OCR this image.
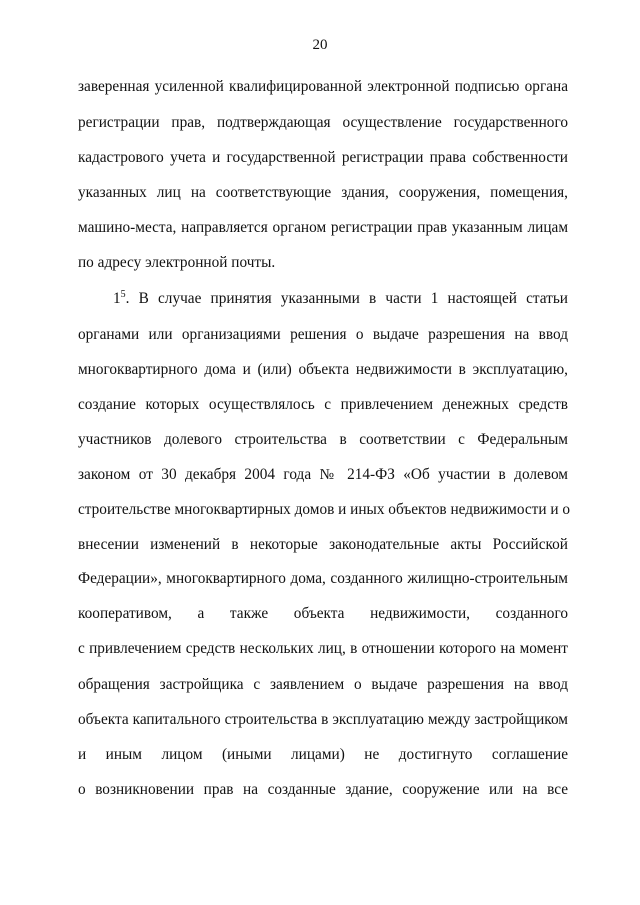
20
заверенная усиленной квалифицированной электронной подписью органа
регистрации прав, подтверждающая осуществление государственного
кадастрового учета и государственной регистрации права собственности
указанных лиц на соответствующие здания, сооружения, помещения,
машино-места, направляется органом регистрации прав указанным лицам
по адресу электронной почты.
$1^5$. В случае принятия указанными в части 1 настоящей статьи
органами или организациями решения о выдаче разрешения на ввод
многоквартирного дома и (или) объекта недвижимости в эксплуатацию,
создание которых осуществлялось с привлечением денежных средств
участников долевого строительства в соответствии с Федеральным
законом от 30 декабря 2004 года № 214-ФЗ «Об участии в долевом
строительстве многоквартирных домов и иных объектов недвижимости и о
внесении изменений в некоторые законодательные акты Российской
Федерации», многоквартирного дома, созданного жилищно-строительным
кооперативом, а также объекта недвижимости, созданного
с привлечением средств нескольких лиц, в отношении которого на момент
обращения застройщика с заявлением о выдаче разрешения на ввод
объекта капитального строительства в эксплуатацию между застройщиком
и иным лицом (иными лицами) не достигнуто соглашение
о возникновении прав на созданные здание, сооружение или на все
